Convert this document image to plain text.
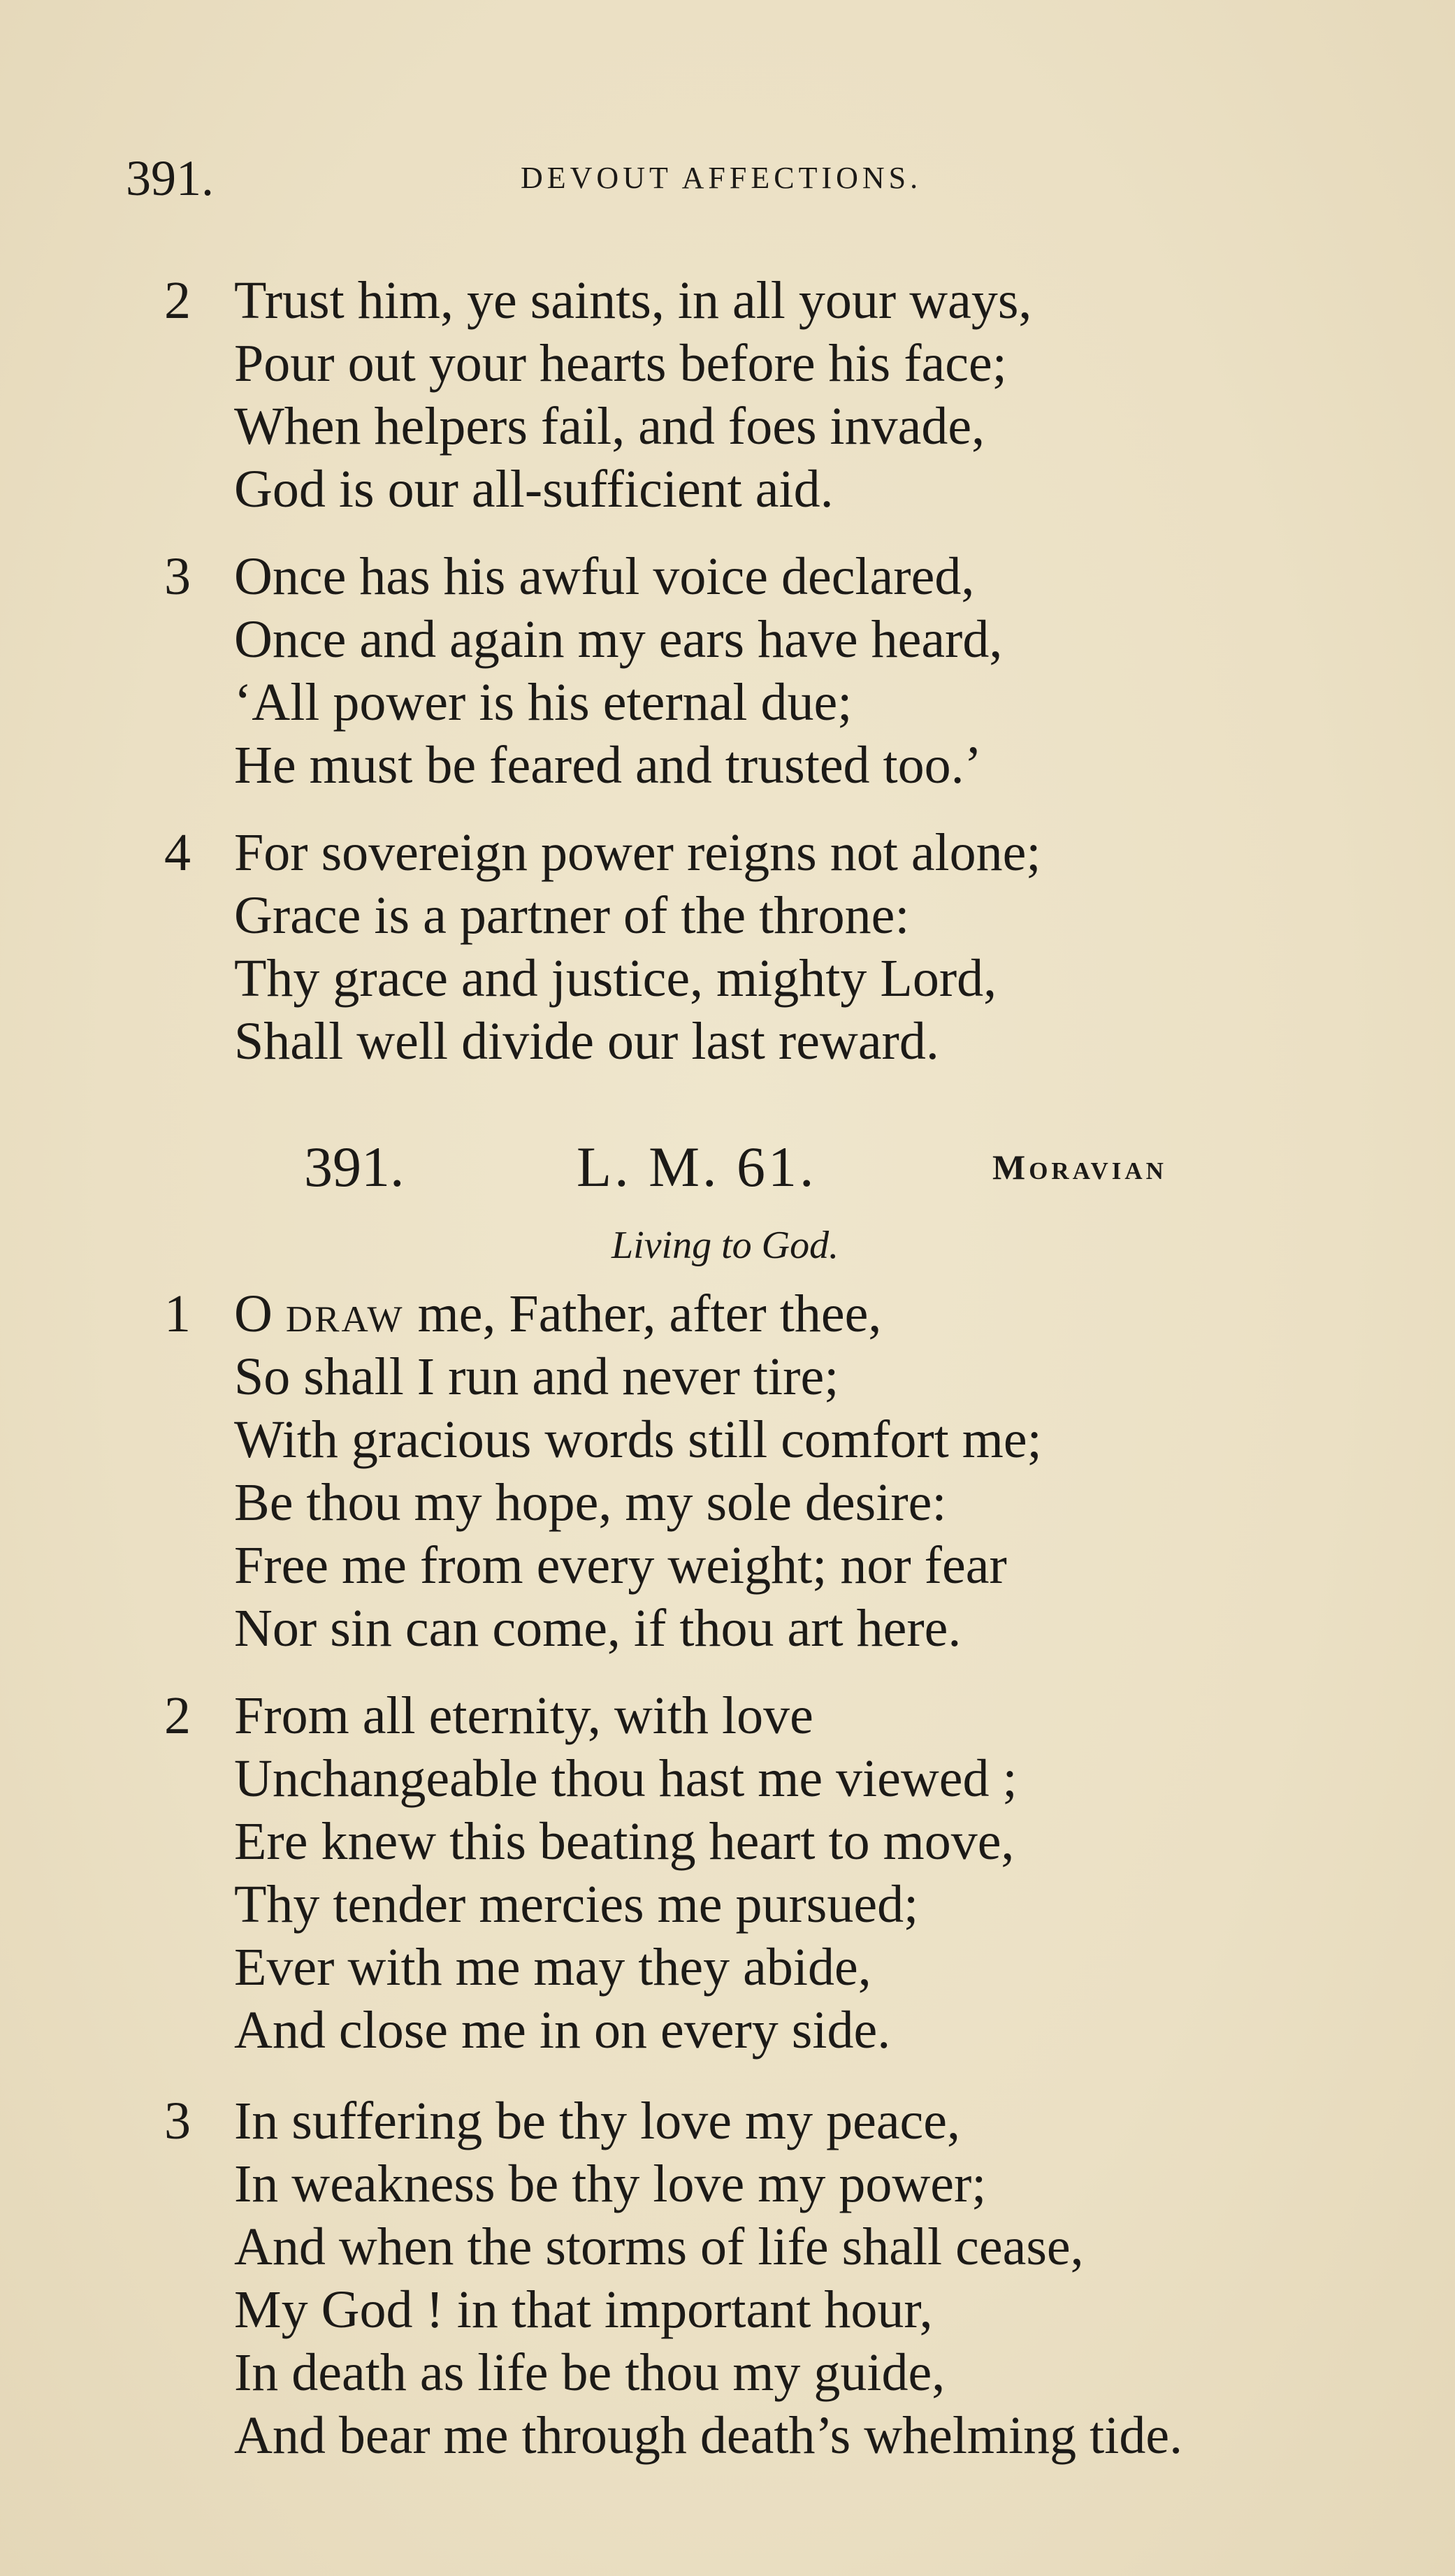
391.	DEVOUT AFFECTIONS.
2 Trust him, ye saints, in all your ways,
Pour out your hearts before his face;
When helpers fail, and foes invade,
God is our all-sufficient aid.
3 Once has his awful voice declared,
Once and again my ears have heard,
‘All power is his eternal due;
He must be feared and trusted too.’
4 For sovereign power reigns not alone;
Grace is a partner of the throne:
Thy grace and justice, mighty Lord,
Shall well divide our last reward.
391.	L. M. 61.	Moravian
Living to God.
1 O draw me, Father, after thee,
So shall I run and never tire;
With gracious words still comfort me;
Be thou my hope, my sole desire:
Free me from every weight; nor fear
Nor sin can come, if thou art here.
2 From all eternity, with love
Unchangeable thou hast me viewed ;
Ere knew this beating heart to move,
Thy tender mercies me pursued;
Ever with me may they abide,
And close me in on every side.
3 In suffering be thy love my peace,
In weakness be thy love my power;
And when the storms of life shall cease,
My God ! in that important hour,
In death as life be thou my guide,
And bear me through death’s whelming tide.
